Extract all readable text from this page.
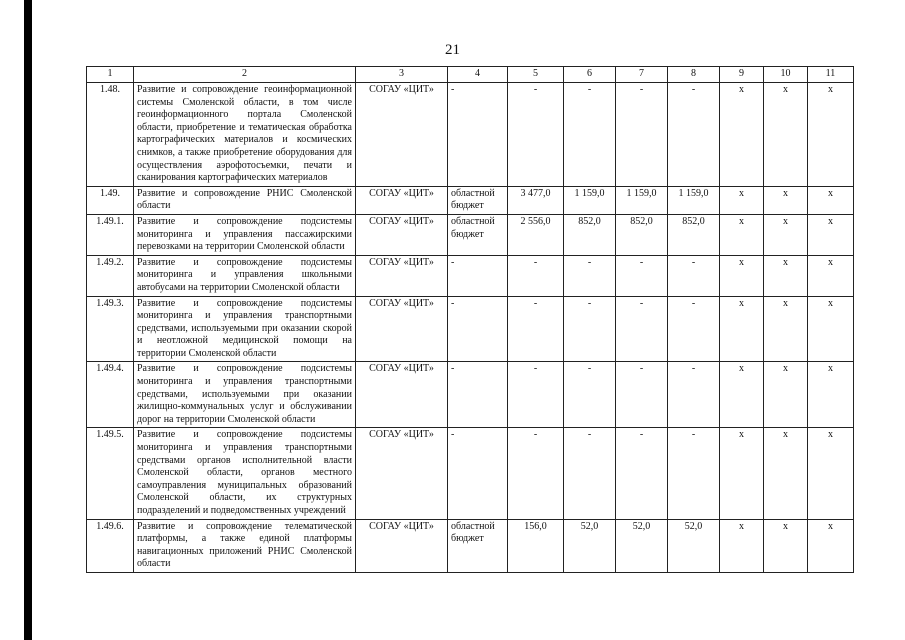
21
1	2	3	4	5	6	7	8	9	10	11
1.48.	Развитие и сопровождение геоинформационной системы Смоленской области, в том числе геоинформационного портала Смоленской области, приобретение и тематическая обработка картографических материалов и космических снимков, а также приобретение оборудования для осуществления аэрофотосъемки, печати и сканирования картографических материалов	СОГАУ «ЦИТ»	-	-	-	-	-	x	x	x
1.49.	Развитие и сопровождение РНИС Смоленской области	СОГАУ «ЦИТ»	областной бюджет	3 477,0	1 159,0	1 159,0	1 159,0	x	x	x
1.49.1.	Развитие и сопровождение подсистемы мониторинга и управления пассажирскими перевозками на территории Смоленской области	СОГАУ «ЦИТ»	областной бюджет	2 556,0	852,0	852,0	852,0	x	x	x
1.49.2.	Развитие и сопровождение подсистемы мониторинга и управления школьными автобусами на территории Смоленской области	СОГАУ «ЦИТ»	-	-	-	-	-	x	x	x
1.49.3.	Развитие и сопровождение подсистемы мониторинга и управления транспортными средствами, используемыми при оказании скорой и неотложной медицинской помощи на территории Смоленской области	СОГАУ «ЦИТ»	-	-	-	-	-	x	x	x
1.49.4.	Развитие и сопровождение подсистемы мониторинга и управления транспортными средствами, используемыми при оказании жилищно-коммунальных услуг и обслуживании дорог на территории Смоленской области	СОГАУ «ЦИТ»	-	-	-	-	-	x	x	x
1.49.5.	Развитие и сопровождение подсистемы мониторинга и управления транспортными средствами органов исполнительной власти Смоленской области, органов местного самоуправления муниципальных образований Смоленской области, их структурных подразделений и подведомственных учреждений	СОГАУ «ЦИТ»	-	-	-	-	-	x	x	x
1.49.6.	Развитие и сопровождение телематической платформы, а также единой платформы навигационных приложений РНИС Смоленской области	СОГАУ «ЦИТ»	областной бюджет	156,0	52,0	52,0	52,0	x	x	x
